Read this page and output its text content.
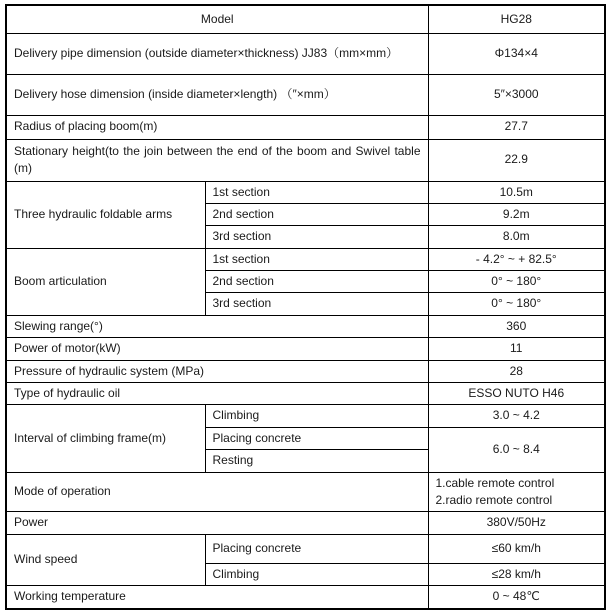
Model		HG28
Delivery pipe dimension (outside diameter×thickness) JJ83（mm×mm）		Φ134×4
Delivery hose dimension (inside diameter×length) （″×mm）		5″×3000
Radius of placing boom(m)		27.7
Stationary height(to the join between the end of the boom and Swivel table (m)		22.9
Three hydraulic foldable arms	1st section	10.5m
	2nd section	9.2m
	3rd section	8.0m
Boom articulation	1st section	- 4.2° ~ + 82.5°
	2nd section	0° ~ 180°
	3rd section	0° ~ 180°
Slewing range(°)		360
Power of motor(kW)		11
Pressure of hydraulic system (MPa)		28
Type of hydraulic oil		ESSO NUTO H46
Interval of climbing frame(m)	Climbing	3.0 ~ 4.2
	Placing concrete	6.0 ~ 8.4
	Resting	
Mode of operation		1.cable remote control
2.radio remote control

Power		380V/50Hz
Wind speed	Placing concrete	≤60 km/h
	Climbing	≤28 km/h
Working temperature		0 ~ 48℃
